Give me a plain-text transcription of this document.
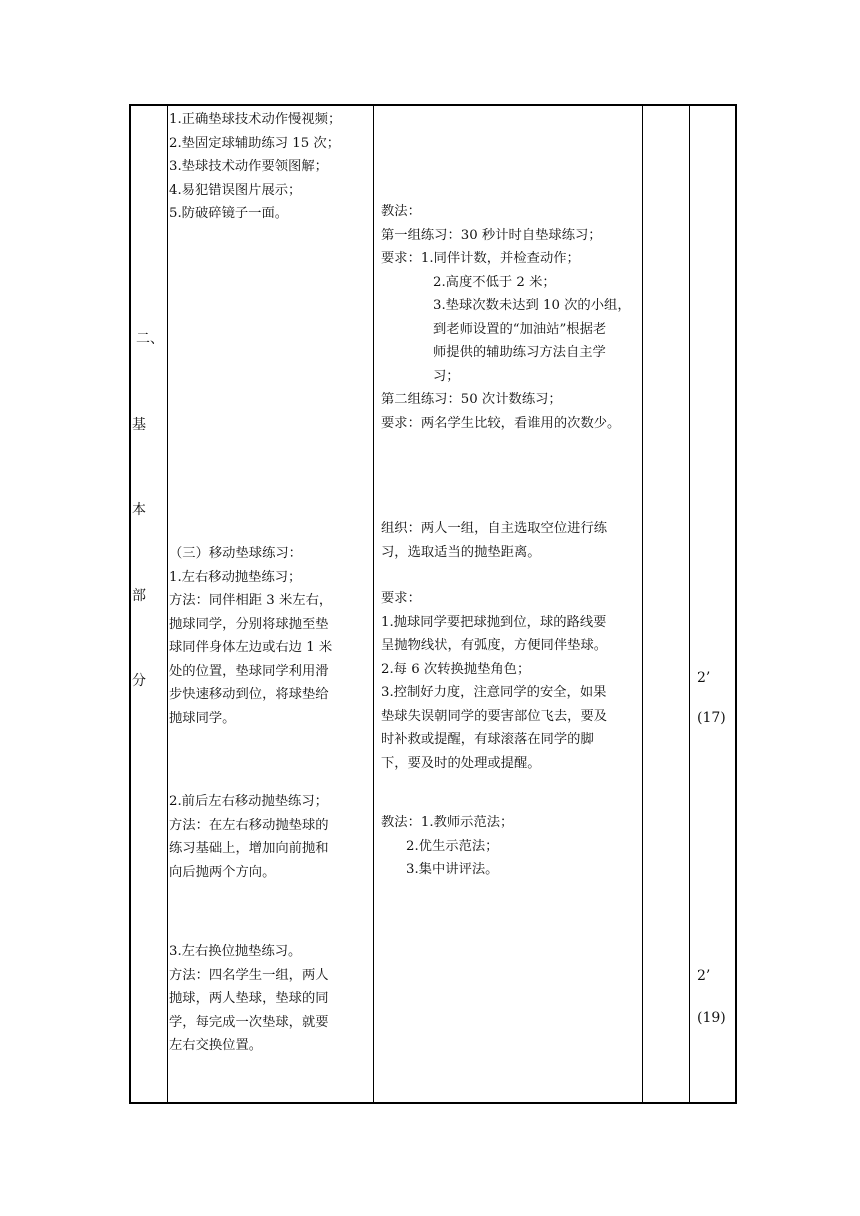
二、
基
本
部
分
1.正确垫球技术动作慢视频；
2.垫固定球辅助练习 15 次；
3.垫球技术动作要领图解；
4.易犯错误图片展示；
5.防破碎镜子一面。
（三）移动垫球练习：
1.左右移动抛垫练习；
方法：同伴相距 3 米左右，
抛球同学，分别将球抛至垫
球同伴身体左边或右边 1 米
处的位置，垫球同学利用滑
步快速移动到位，将球垫给
抛球同学。
2.前后左右移动抛垫练习；
方法：在左右移动抛垫球的
练习基础上，增加向前抛和
向后抛两个方向。
3.左右换位抛垫练习。
方法：四名学生一组，两人
抛球，两人垫球，垫球的同
学，每完成一次垫球，就要
左右交换位置。
教法：
第一组练习：30 秒计时自垫球练习；
要求：1.同伴计数，并检查动作；
2.高度不低于 2 米；
3.垫球次数未达到 10 次的小组，
到老师设置的“加油站”根据老
师提供的辅助练习方法自主学
习；
第二组练习：50 次计数练习；
要求：两名学生比较，看谁用的次数少。
组织：两人一组，自主选取空位进行练
习，选取适当的抛垫距离。
要求：
1.抛球同学要把球抛到位，球的路线要
呈抛物线状，有弧度，方便同伴垫球。
2.每 6 次转换抛垫角色；
3.控制好力度，注意同学的安全，如果
垫球失误朝同学的要害部位飞去，要及
时补救或提醒，有球滚落在同学的脚
下，要及时的处理或提醒。
教法：1.教师示范法；
2.优生示范法；
3.集中讲评法。
2’
(17)
2’
(19)
